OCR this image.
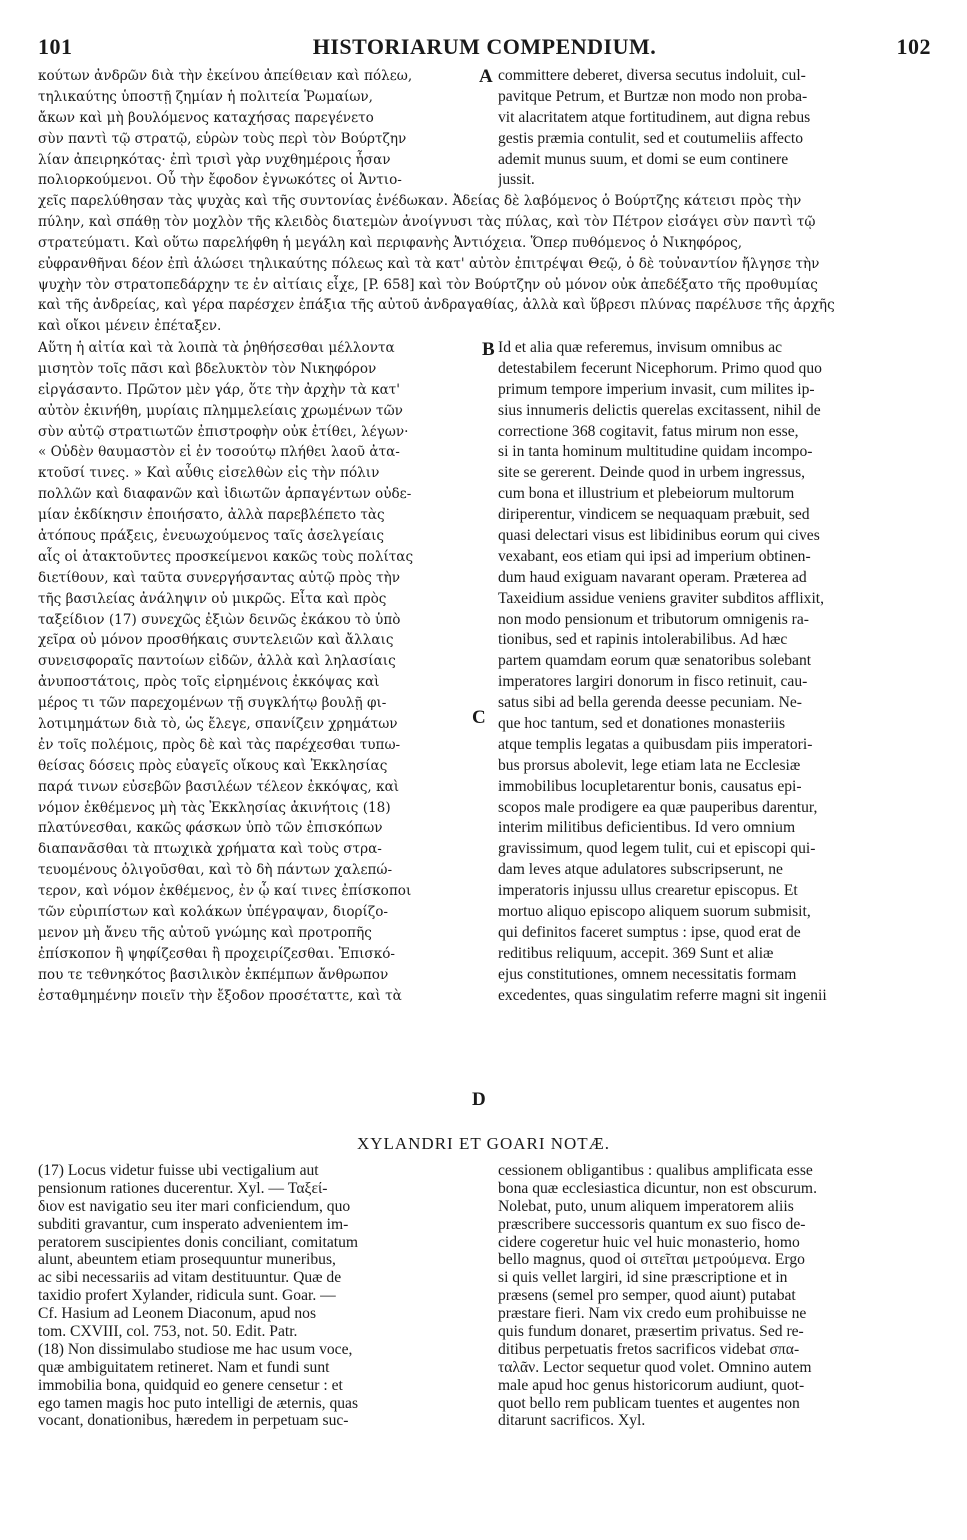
101	HISTORIARUM COMPENDIUM.	102
κούτων ἀνδρῶν διὰ τὴν ἐκείνου ἀπείθειαν καὶ πόλεω,
τηλικαύτης ὑποστῇ ζημίαν ἡ πολιτεία Ῥωμαίων,
ἄκων καὶ μὴ βουλόμενος καταχήσας παρεγένετο
σὺν παντὶ τῷ στρατῷ, εὑρὼν τοὺς περὶ τὸν Βούρτζην
λίαν ἀπειρηκότας· ἐπὶ τρισὶ γὰρ νυχθημέροις ἦσαν
πολιορκούμενοι. Οὗ τὴν ἔφοδον ἐγνωκότες οἱ Ἀντιο-
A committere deberet, diversa secutus indoluit, cul-
pavitque Petrum, et Burtzæ non modo non proba-
vit alacritatem atque fortitudinem, aut digna rebus
gestis præmia contulit, sed et coutumeliis affecto
ademit munus suum, et domi se eum continere
jussit.
χεῖς παρελύθησαν τὰς ψυχὰς καὶ τῆς συντονίας ἐνέδωκαν. Ἀδείας δὲ λαβόμενος ὁ Βούρτζης κάτεισι πρὸς τὴν
πύλην, καὶ σπάθῃ τὸν μοχλὸν τῆς κλειδὸς διατεμὼν ἀνοίγνυσι τὰς πύλας, καὶ τὸν Πέτρον εἰσάγει σὺν παντὶ τῷ
στρατεύματι. Καὶ οὕτω παρελήφθη ἡ μεγάλη καὶ περιφανὴς Ἀντιόχεια. Ὅπερ πυθόμενος ὁ Νικηφόρος,
εὐφρανθῆναι δέον ἐπὶ ἁλώσει τηλικαύτης πόλεως καὶ τὰ κατ' αὐτὸν ἐπιτρέψαι Θεῷ, ὁ δὲ τοὐναντίον ἤλγησε τὴν
ψυχὴν τὸν στρατοπεδάρχην τε ἐν αἰτίαις εἶχε, [P. 658] καὶ τὸν Βούρτζην οὐ μόνον οὐκ ἀπεδέξατο τῆς προθυμίας
καὶ τῆς ἀνδρείας, καὶ γέρα παρέσχεν ἐπάξια τῆς αὐτοῦ ἀνδραγαθίας, ἀλλὰ καὶ ὕβρεσι πλύνας παρέλυσε τῆς ἀρχῆς
καὶ οἴκοι μένειν ἐπέταξεν.
Αὕτη ἡ αἰτία καὶ τὰ λοιπὰ τὰ ῥηθήσεσθαι μέλλοντα
μισητὸν τοῖς πᾶσι καὶ βδελυκτὸν τὸν Νικηφόρον
εἰργάσαντο. Πρῶτον μὲν γάρ, ὅτε τὴν ἀρχὴν τὰ κατ'
αὐτὸν ἐκινήθη, μυρίαις πλημμελείαις χρωμένων τῶν
σὺν αὐτῷ στρατιωτῶν ἐπιστροφὴν οὐκ ἐτίθει, λέγων·
« Οὐδὲν θαυμαστὸν εἰ ἐν τοσούτῳ πλήθει λαοῦ ἀτα-
κτοῦσί τινες. » Καὶ αὖθις εἰσελθὼν εἰς τὴν πόλιν
πολλῶν καὶ διαφανῶν καὶ ἰδιωτῶν ἁρπαγέντων οὐδε-
μίαν ἐκδίκησιν ἐποιήσατο, ἀλλὰ παρεβλέπετο τὰς
ἀτόπους πράξεις, ἐνευωχούμενος ταῖς ἀσελγείαις
αἷς οἱ ἀτακτοῦντες προσκείμενοι κακῶς τοὺς πολίτας
διετίθουν, καὶ ταῦτα συνεργήσαντας αὐτῷ πρὸς τὴν
τῆς βασιλείας ἀνάληψιν οὐ μικρῶς. Εἶτα καὶ πρὸς
ταξείδιον (17) συνεχῶς ἐξιὼν δεινῶς ἐκάκου τὸ ὑπὸ
χεῖρα οὐ μόνον προσθήκαις συντελειῶν καὶ ἄλλαις
συνεισφοραῖς παντοίων εἰδῶν, ἀλλὰ καὶ ληλασίαις
ἀνυποστάτοις, πρὸς τοῖς εἰρημένοις ἐκκόψας καὶ
μέρος τι τῶν παρεχομένων τῇ συγκλήτῳ βουλῇ φι-
λοτιμημάτων διὰ τὸ, ὡς ἔλεγε, σπανίζειν χρημάτων
ἐν τοῖς πολέμοις, πρὸς δὲ καὶ τὰς παρέχεσθαι τυπω-
θείσας δόσεις πρὸς εὐαγεῖς οἴκους καὶ Ἐκκλησίας
παρά τινων εὐσεβῶν βασιλέων τέλεον ἐκκόψας, καὶ
νόμον ἐκθέμενος μὴ τὰς Ἐκκλησίας ἀκινήτοις (18)
πλατύνεσθαι, κακῶς φάσκων ὑπὸ τῶν ἐπισκόπων
διαπανᾶσθαι τὰ πτωχικὰ χρήματα καὶ τοὺς στρα-
τευομένους ὀλιγοῦσθαι, καὶ τὸ δὴ πάντων χαλεπώ-
τερον, καὶ νόμον ἐκθέμενος, ἐν ᾧ καί τινες ἐπίσκοποι
τῶν εὐριπίστων καὶ κολάκων ὑπέγραψαν, διορίζο-
μενον μὴ ἄνευ τῆς αὐτοῦ γνώμης καὶ προτροπῆς
ἐπίσκοπον ἢ ψηφίζεσθαι ἢ προχειρίζεσθαι. Ἐπισκό-
που τε τεθνηκότος βασιλικὸν ἐκπέμπων ἄνθρωπον
ἐσταθμημένην ποιεῖν τὴν ἔξοδον προσέταττε, καὶ τὰ
B
C
D
Id et alia quæ referemus, invisum omnibus ac
detestabilem fecerunt Nicephorum. Primo quod quo
primum tempore imperium invasit, cum milites ip-
sius innumeris delictis querelas excitassent, nihil de
correctione 368 cogitavit, fatus mirum non esse,
si in tanta hominum multitudine quidam incompo-
site se gererent. Deinde quod in urbem ingressus,
cum bona et illustrium et plebeiorum multorum
diriperentur, vindicem se nequaquam præbuit, sed
quasi delectari visus est libidinibus eorum qui cives
vexabant, eos etiam qui ipsi ad imperium obtinen-
dum haud exiguam navarant operam. Præterea ad
Taxeidium assidue veniens graviter subditos afflixit,
non modo pensionum et tributorum omnigenis ra-
tionibus, sed et rapinis intolerabilibus. Ad hæc
partem quamdam eorum quæ senatoribus solebant
imperatores largiri donorum in fisco retinuit, cau-
satus sibi ad bella gerenda deesse pecuniam. Ne-
que hoc tantum, sed et donationes monasteriis
atque templis legatas a quibusdam piis imperatori-
bus prorsus abolevit, lege etiam lata ne Ecclesiæ
immobilibus locupletarentur bonis, causatus epi-
scopos male prodigere ea quæ pauperibus darentur,
interim militibus deficientibus. Id vero omnium
gravissimum, quod legem tulit, cui et episcopi qui-
dam leves atque adulatores subscripserunt, ne
imperatoris injussu ullus crearetur episcopus. Et
mortuo aliquo episcopo aliquem suorum submisit,
qui definitos faceret sumptus : ipse, quod erat de
reditibus reliquum, accepit. 369 Sunt et aliæ
ejus constitutiones, omnem necessitatis formam
excedentes, quas singulatim referre magni sit ingenii
XYLANDRI ET GOARI NOTÆ.
(17) Locus videtur fuisse ubi vectigalium aut
pensionum rationes ducerentur. Xyl. — Ταξεί-
διον est navigatio seu iter mari conficiendum, quo
subditi gravantur, cum insperato advenientem im-
peratorem suscipientes donis conciliant, comitatum
alunt, abeuntem etiam prosequuntur muneribus,
ac sibi necessariis ad vitam destituuntur. Quæ de
taxidio profert Xylander, ridicula sunt. Goar. —
Cf. Hasium ad Leonem Diaconum, apud nos
tom. CXVIII, col. 753, not. 50. Edit. Patr.
(18) Non dissimulabo studiose me hac usum voce,
quæ ambiguitatem retineret. Nam et fundi sunt
immobilia bona, quidquid eo genere censetur : et
ego tamen magis hoc puto intelligi de æternis, quas
vocant, donationibus, hæredem in perpetuam suc-
cessionem obligantibus : qualibus amplificata esse
bona quæ ecclesiastica dicuntur, non est obscurum.
Nolebat, puto, unum aliquem imperatorem aliis
præscribere successoris quantum ex suo fisco de-
cidere cogeretur huic vel huic monasterio, homo
bello magnus, quod οἱ σιτεῖται μετρούμενα. Ergo
si quis vellet largiri, id sine præscriptione et in
præsens (semel pro semper, quod aiunt) putabat
præstare fieri. Nam vix credo eum prohibuisse ne
quis fundum donaret, præsertim privatus. Sed re-
ditibus perpetuatis fretos sacrificos videbat σπα-
ταλᾶν. Lector sequetur quod volet. Omnino autem
male apud hoc genus historicorum audiunt, quot-
quot bello rem publicam tuentes et augentes non
ditarunt sacrificos. Xyl.
